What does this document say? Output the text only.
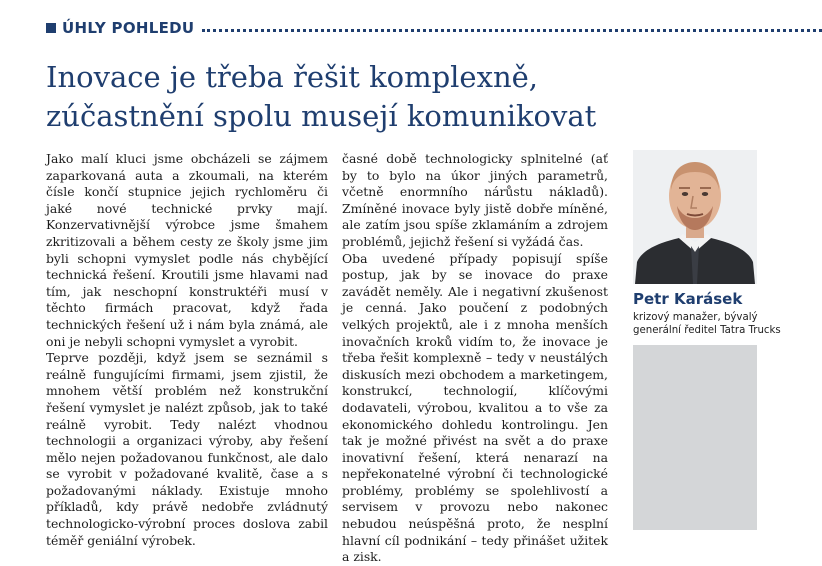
ÚHLY POHLEDU
Inovace je třeba řešit komplexně,
zúčastnění spolu musejí komunikovat

Jako malí kluci jsme obcházeli se zájmem zaparkovaná auta a zkoumali, na kterém čísle končí stupnice jejich rychloměru či jaké nové technické prvky mají. Konzervativnější výrobce jsme šmahem zkritizovali a během cesty ze školy jsme jim byli schopni vymyslet podle nás chybějící technická řešení. Kroutili jsme hlavami nad tím, jak neschopní konstruktéři musí v těchto firmách pracovat, když řada technických řešení už i nám byla známá, ale oni je nebyli schopni vymyslet a vyrobit.

Teprve později, když jsem se seznámil s reálně fungujícími firmami, jsem zjistil, že mnohem větší problém než konstrukční řešení vymyslet je nalézt způsob, jak to také reálně vyrobit. Tedy nalézt vhodnou technologii a organizaci výroby, aby řešení mělo nejen požadovanou funkčnost, ale dalo se vyrobit v požadované kvalitě, čase a s požadovanými náklady. Existuje mnoho příkladů, kdy právě nedobře zvládnutý technologicko-výrobní proces doslova zabil téměř geniální výrobek.

časné době technologicky splnitelné (ať by to bylo na úkor jiných parametrů, včetně enormního nárůstu nákladů). Zmíněné inovace byly jistě dobře míněné, ale zatím jsou spíše zklamáním a zdrojem problémů, jejichž řešení si vyžádá čas.

Oba uvedené případy popisují spíše postup, jak by se inovace do praxe zavádět neměly. Ale i negativní zkušenost je cenná. Jako poučení z podobných velkých projektů, ale i z mnoha menších inovačních kroků vidím to, že inovace je třeba řešit komplexně – tedy v neustálých diskusích mezi obchodem a marketingem, konstrukcí, technologií, klíčovými dodavateli, výrobou, kvalitou a to vše za ekonomického dohledu kontrolingu. Jen tak je možné přivést na svět a do praxe inovativní řešení, která nenarazí na nepřekonatelné výrobní či technologické problémy, problémy se spolehlivostí a servisem v provozu nebo nakonec nebudou neúspěšná proto, že nesplní hlavní cíl podnikání – tedy přinášet užitek a zisk.

Petr Karásek
krizový manažer, bývalý generální ředitel Tatra Trucks
